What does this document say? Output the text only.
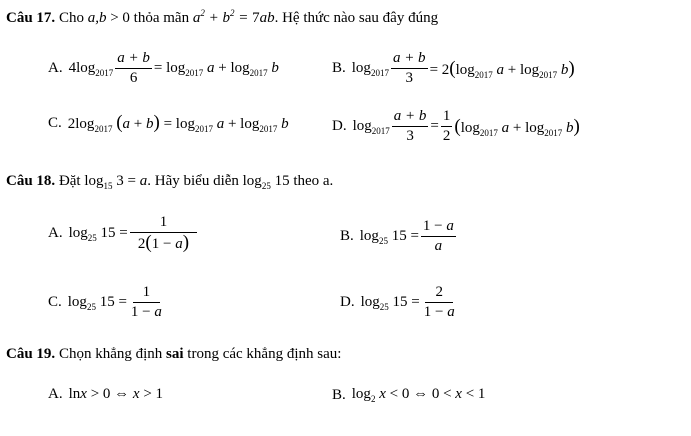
Câu 17. Cho a,b > 0 thỏa mãn $a^2 + b^2 = 7ab$. Hệ thức nào sau đây đúng
A. $4\log_{2017} \frac{a + b}{6} = \log_{2017} a + \log_{2017} b$	B. $\log_{2017} \frac{a + b}{3} = 2(\log_{2017}$ $a + \log_{2017} b$)
C. $2\log_{2017}$ $(a + b) = \log_{2017} a + \log_{2017} b$	D. $\log_{2017} \frac{a + b}{3} = \frac{1}{2} (\log_{2017}$ $a + \log_{2017} b$)
Câu 18. Đặt $\log_{15} 3 = a$. Hãy biểu diễn $\log_{25} 15$ theo a.
A. $\log_{25} 15 = \frac{1}{2(1 - a)}$	B. $\log_{25} 15 = \frac{1 - a}{a}$
C. $\log_{25} 15 = \frac{1}{1 - a}$	D. $\log_{25} 15 = \frac{2}{1 - a}$
Câu 19. Chọn khẳng định sai trong các khẳng định sau:
A. lnx > 0 ⇔ x > 1	B. $\log_2 x < 0$ ⇔ 0 < x < 1
